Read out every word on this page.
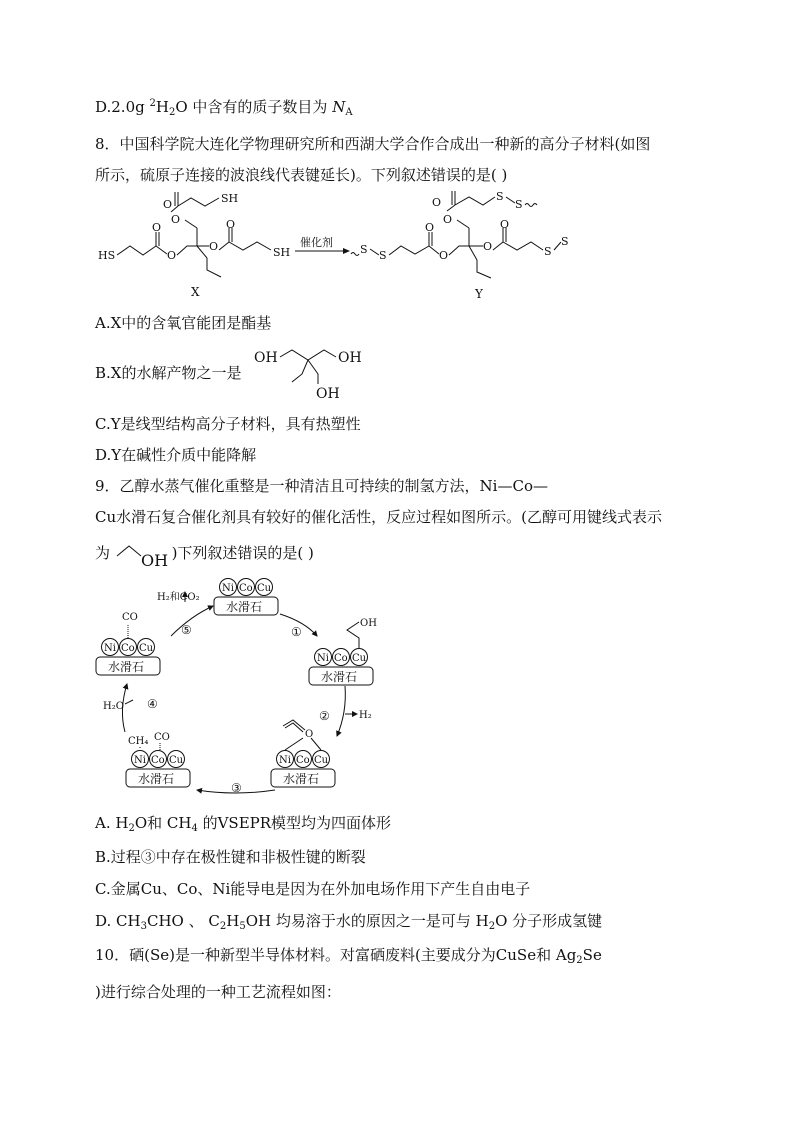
D.2.0g $^2H_2O$ 中含有的质子数目为 $N_A$
8．中国科学院大连化学物理研究所和西湖大学合作合成出一种新的高分子材料(如图
所示，硫原子连接的波浪线代表键延长)。下列叙述错误的是( )
HS
O
O
O
O	SH
O
O
SH
X
催化剂
S S
O
O
O
O	S
S
O
O
S
S
Y
A.X中的含氧官能团是酯基
B.X的水解产物之一是
OH	OH
OH
C.Y是线型结构高分子材料，具有热塑性
D.Y在碱性介质中能降解
9．乙醇水蒸气催化重整是一种清洁且可持续的制氢方法，Ni—Co—
Cu水滑石复合催化剂具有较好的催化活性，反应过程如图所示。(乙醇可用键线式表示
为 OH )下列叙述错误的是( )
Ni Co Cu
水滑石
Ni Co Cu
水滑石
OH
Ni Co Cu
水滑石
O
Ni Co Cu
水滑石
CH₄ CO
Ni Co Cu
水滑石
CO
①
②	H₂
③
④
H₂O
⑤
H₂和CO₂
A. $H_2O$和 $CH_4$ 的VSEPR模型均为四面体形
B.过程③中存在极性键和非极性键的断裂
C.金属Cu、Co、Ni能导电是因为在外加电场作用下产生自由电子
D. $CH_3CHO$ 、 $C_2H_5OH$ 均易溶于水的原因之一是可与 $H_2O$ 分子形成氢键
10．硒(Se)是一种新型半导体材料。对富硒废料(主要成分为CuSe和 $Ag_2Se$
)进行综合处理的一种工艺流程如图：
